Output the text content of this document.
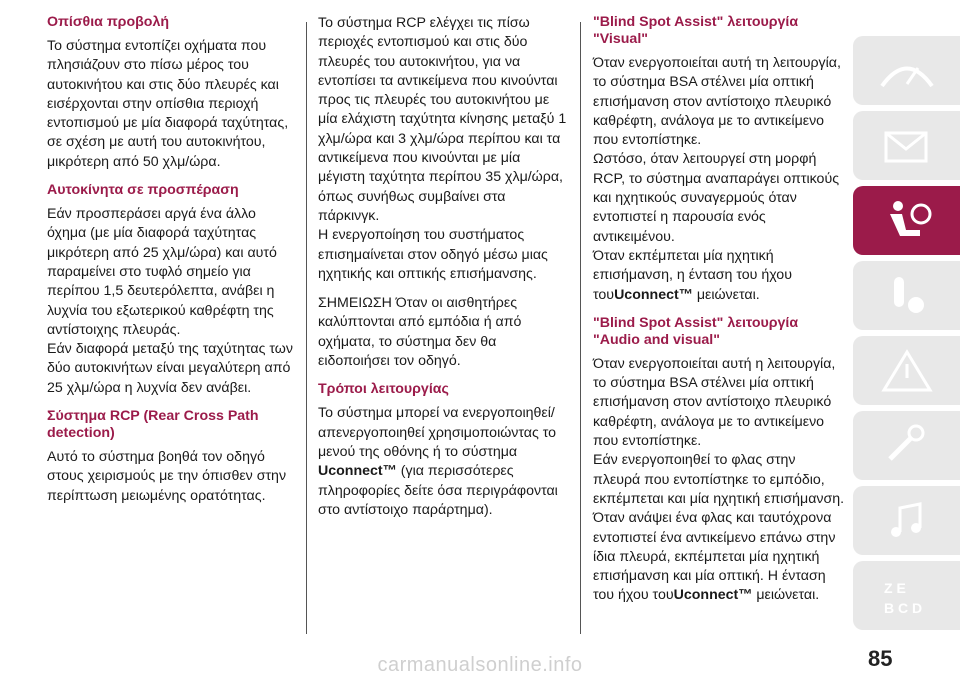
Οπίσθια προβολή

Το σύστημα εντοπίζει οχήματα που πλησιάζουν στο πίσω μέρος του αυτοκινήτου και στις δύο πλευρές και εισέρχονται στην οπίσθια περιοχή εντοπισμού με μία διαφορά ταχύτητας, σε σχέση με αυτή του αυτοκινήτου, μικρότερη από 50 χλμ/ώρα.

Αυτοκίνητα σε προσπέραση

Εάν προσπεράσει αργά ένα άλλο όχημα (με μία διαφορά ταχύτητας μικρότερη από 25 χλμ/ώρα) και αυτό παραμείνει στο τυφλό σημείο για περίπου 1,5 δευτερόλεπτα, ανάβει η λυχνία του εξωτερικού καθρέφτη της αντίστοιχης πλευράς.

Εάν διαφορά μεταξύ της ταχύτητας των δύο αυτοκινήτων είναι μεγαλύτερη από 25 χλμ/ώρα η λυχνία δεν ανάβει.

Σύστημα RCP (Rear Cross Path detection)

Αυτό το σύστημα βοηθά τον οδηγό στους χειρισμούς με την όπισθεν στην περίπτωση μειωμένης ορατότητας.

Το σύστημα RCP ελέγχει τις πίσω περιοχές εντοπισμού και στις δύο πλευρές του αυτοκινήτου, για να εντοπίσει τα αντικείμενα που κινούνται προς τις πλευρές του αυτοκινήτου με μία ελάχιστη ταχύτητα κίνησης μεταξύ 1 χλμ/ώρα και 3 χλμ/ώρα περίπου και τα αντικείμενα που κινούνται με μία μέγιστη ταχύτητα περίπου 35 χλμ/ώρα, όπως συνήθως συμβαίνει στα πάρκινγκ.

Η ενεργοποίηση του συστήματος επισημαίνεται στον οδηγό μέσω μιας ηχητικής και οπτικής επισήμανσης.

ΣΗΜΕΙΩΣΗ Όταν οι αισθητήρες καλύπτονται από εμπόδια ή από οχήματα, το σύστημα δεν θα ειδοποιήσει τον οδηγό.

Τρόποι λειτουργίας

Το σύστημα μπορεί να ενεργοποιηθεί/ απενεργοποιηθεί χρησιμοποιώντας το μενού της οθόνης ή το σύστημα Uconnect™ (για περισσότερες πληροφορίες δείτε όσα περιγράφονται στο αντίστοιχο παράρτημα).

"Blind Spot Assist" λειτουργία "Visual"

Όταν ενεργοποιείται αυτή τη λειτουργία, το σύστημα BSA στέλνει μία οπτική επισήμανση στον αντίστοιχο πλευρικό καθρέφτη, ανάλογα με το αντικείμενο που εντοπίστηκε.

Ωστόσο, όταν λειτουργεί στη μορφή RCP, το σύστημα αναπαράγει οπτικούς και ηχητικούς συναγερμούς όταν εντοπιστεί η παρουσία ενός αντικειμένου.

Όταν εκπέμπεται μία ηχητική επισήμανση, η ένταση του ήχου τουUconnect™ μειώνεται.

"Blind Spot Assist" λειτουργία "Audio and visual"

Όταν ενεργοποιείται αυτή η λειτουργία, το σύστημα BSA στέλνει μία οπτική επισήμανση στον αντίστοιχο πλευρικό καθρέφτη, ανάλογα με το αντικείμενο που εντοπίστηκε.

Εάν ενεργοποιηθεί το φλας στην πλευρά που εντοπίστηκε το εμπόδιο, εκπέμπεται και μία ηχητική επισήμανση.

Όταν ανάψει ένα φλας και ταυτόχρονα εντοπιστεί ένα αντικείμενο επάνω στην ίδια πλευρά, εκπέμπεται μία ηχητική επισήμανση και μία οπτική. Η ένταση του ήχου τουUconnect™ μειώνεται.	Z E
B C D
85
carmanualsonline.info
